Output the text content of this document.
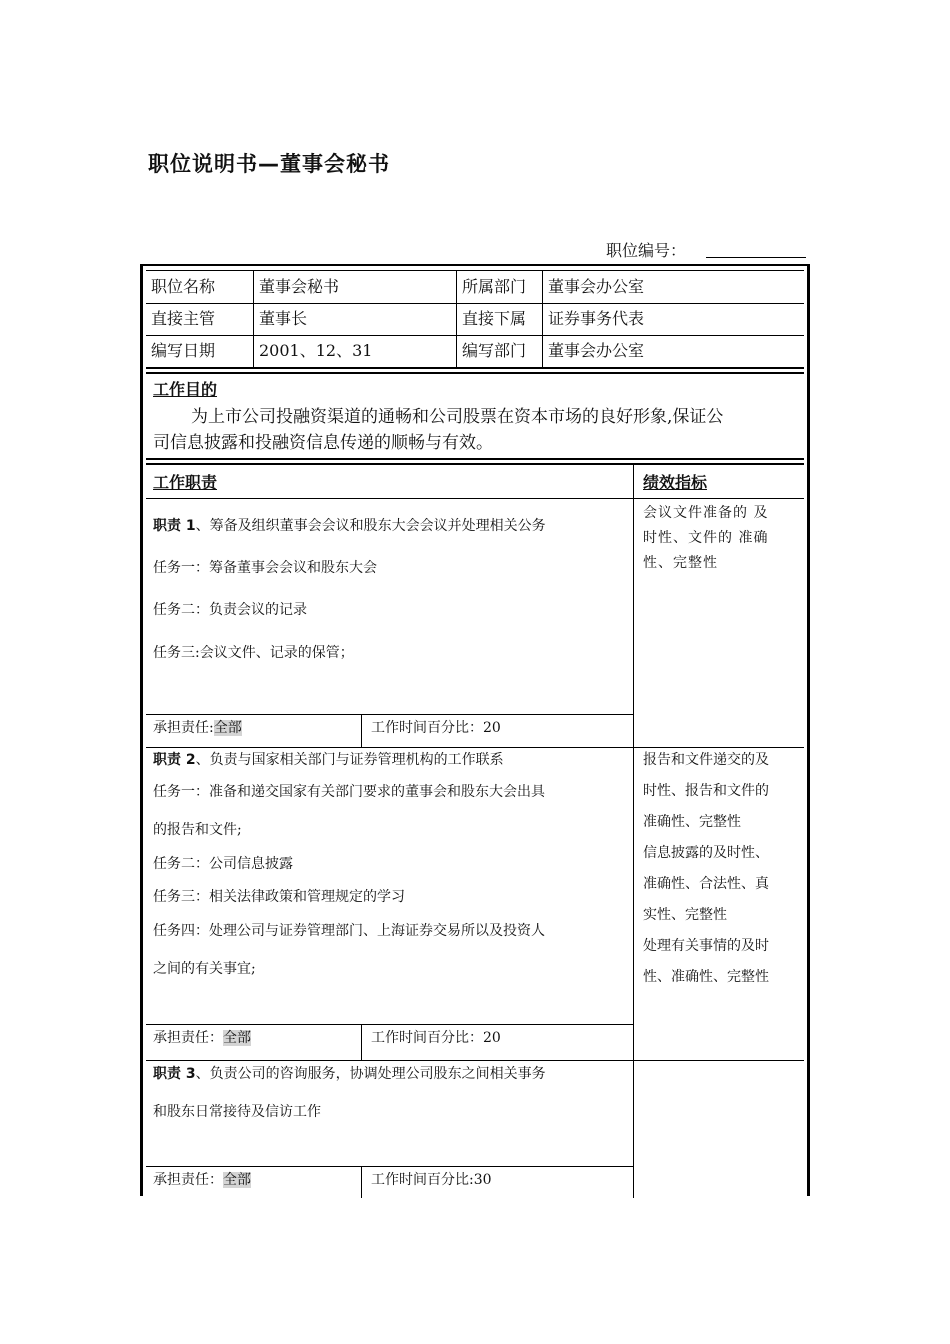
职位说明书—董事会秘书
职位编号：
职位名称	董事会秘书	所属部门 董事会办公室
直接主管	董事长	直接下属 证券事务代表
编写日期	2001、12、31	编写部门 董事会办公室
工作目的
为上市公司投融资渠道的通畅和公司股票在资本市场的良好形象,保证公
司信息披露和投融资信息传递的顺畅与有效。
工作职责	绩效指标
职责 1、筹备及组织董事会会议和股东大会会议并处理相关公务
任务一：筹备董事会会议和股东大会
任务二：负责会议的记录
任务三:会议文件、记录的保管；
承担责任:全部	工作时间百分比：20
会议文件准备的 及
时性、文件的 准确
性、完整性
职责 2、负责与国家相关部门与证券管理机构的工作联系
任务一：准备和递交国家有关部门要求的董事会和股东大会出具
的报告和文件;
任务二：公司信息披露
任务三：相关法律政策和管理规定的学习
任务四：处理公司与证券管理部门、上海证券交易所以及投资人
之间的有关事宜;
承担责任：全部	工作时间百分比：20
报告和文件递交的及
时性、报告和文件的
准确性、完整性
信息披露的及时性、
准确性、合法性、真
实性、完整性
处理有关事情的及时
性、准确性、完整性
职责 3、负责公司的咨询服务，协调处理公司股东之间相关事务
和股东日常接待及信访工作
承担责任：全部	工作时间百分比:30
